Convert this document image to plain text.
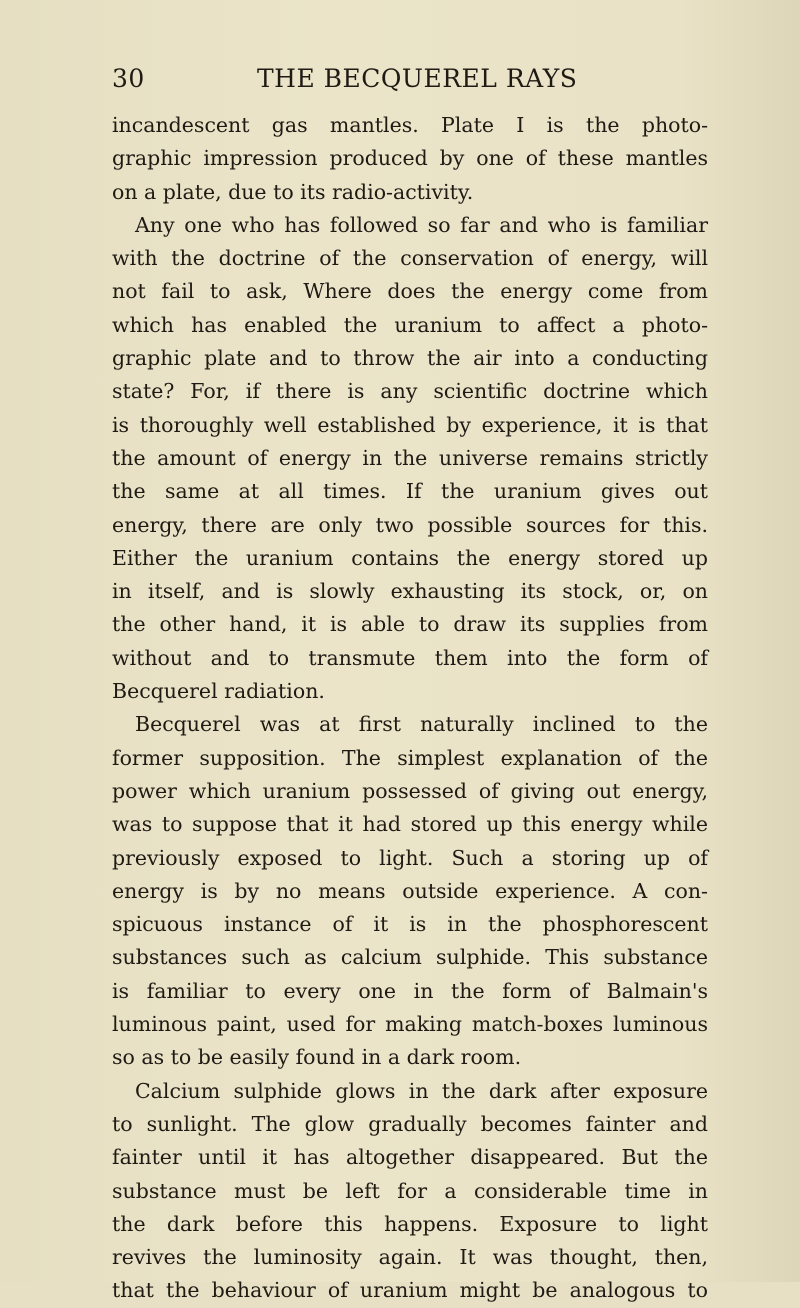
30	THE BECQUEREL RAYS
incandescent gas mantles. Plate I is the photo-
graphic impression produced by one of these mantles
on a plate, due to its radio-activity.
Any one who has followed so far and who is familiar
with the doctrine of the conservation of energy, will
not fail to ask, Where does the energy come from
which has enabled the uranium to affect a photo-
graphic plate and to throw the air into a conducting
state? For, if there is any scientific doctrine which
is thoroughly well established by experience, it is that
the amount of energy in the universe remains strictly
the same at all times. If the uranium gives out
energy, there are only two possible sources for this.
Either the uranium contains the energy stored up
in itself, and is slowly exhausting its stock, or, on
the other hand, it is able to draw its supplies from
without and to transmute them into the form of
Becquerel radiation.
Becquerel was at first naturally inclined to the
former supposition. The simplest explanation of the
power which uranium possessed of giving out energy,
was to suppose that it had stored up this energy while
previously exposed to light. Such a storing up of
energy is by no means outside experience. A con-
spicuous instance of it is in the phosphorescent
substances such as calcium sulphide. This substance
is familiar to every one in the form of Balmain's
luminous paint, used for making match-boxes luminous
so as to be easily found in a dark room.
Calcium sulphide glows in the dark after exposure
to sunlight. The glow gradually becomes fainter and
fainter until it has altogether disappeared. But the
substance must be left for a considerable time in
the dark before this happens. Exposure to light
revives the luminosity again. It was thought, then,
that the behaviour of uranium might be analogous to
